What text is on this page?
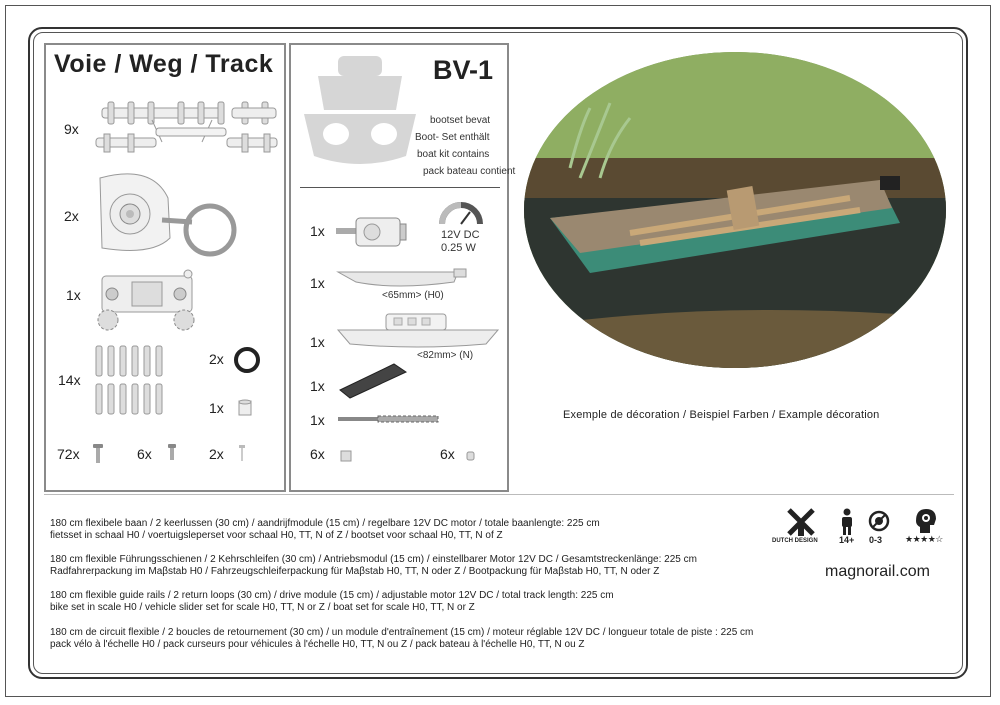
Voie / Weg / Track
9x
2x
1x
14x
2x
1x
72x	6x	2x
BV-1
bootset bevat
Boot- Set enthält
boat kit contains
pack bateau contient
1x	12V DC
0.25 W
1x
<65mm> (H0)
1x
<82mm> (N)
1x
1x
6x	6x
Exemple de décoration / Beispiel Farben / Example décoration
180 cm flexibele baan / 2 keerlussen (30 cm) / aandrijfmodule (15 cm) / regelbare 12V DC motor / totale baanlengte: 225 cm
fietsset in schaal H0 / voertuigsleperset voor schaal H0, TT, N of Z / bootset voor schaal H0, TT, N of Z
180 cm flexible Führungsschienen / 2 Kehrschleifen (30 cm) / Antriebsmodul (15 cm) / einstellbarer Motor 12V DC / Gesamtstreckenlänge: 225 cm
Radfahrerpackung im Maβstab H0 / Fahrzeugschleiferpackung für Maβstab H0, TT, N oder Z / Bootpackung für Maβstab H0, TT, N oder Z
180 cm flexible guide rails / 2 return loops (30 cm) / drive module (15 cm) / adjustable motor 12V DC / total track length: 225 cm
bike set in scale H0 / vehicle slider set for scale H0, TT, N or Z / boat set for scale H0, TT, N or Z
180 cm de circuit flexible / 2 boucles de retournement (30 cm) / un module d'entraînement (15 cm) / moteur réglable 12V DC / longueur totale de piste : 225 cm
pack vélo à l'échelle H0 / pack curseurs pour véhicules à l'échelle H0, TT, N ou Z / pack bateau à l'échelle H0, TT, N ou Z
DUTCH DESIGN 14+ 0-3	★★★★☆
magnorail.com
